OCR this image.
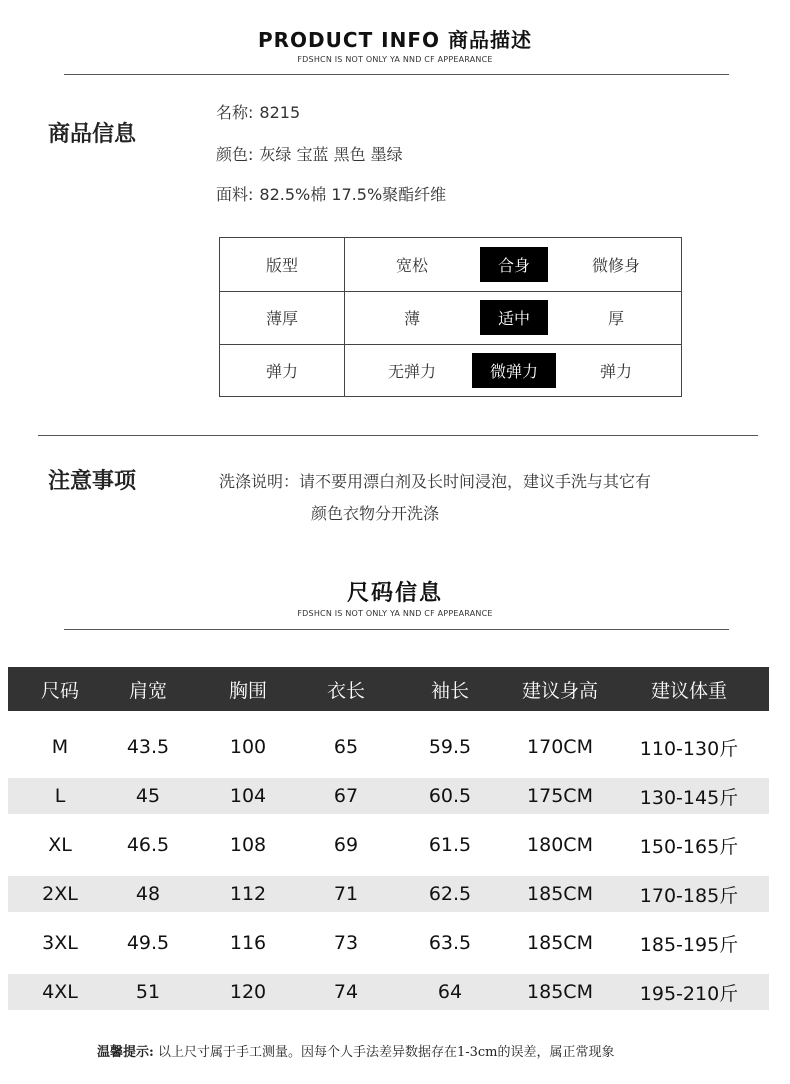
PRODUCT INFO 商品描述
FDSHCN IS NOT ONLY YA NND CF APPEARANCE
商品信息
名称: 8215
颜色: 灰绿 宝蓝 黑色 墨绿
面料: 82.5%棉 17.5%聚酯纤维
版型	宽松	合身	微修身
薄厚	薄	适中	厚
弹力	无弹力	微弹力	弹力
注意事项	洗涤说明：请不要用漂白剂及长时间浸泡，建议手洗与其它有
颜色衣物分开洗涤
尺码信息
FDSHCN IS NOT ONLY YA NND CF APPEARANCE
尺码	肩宽	胸围	衣长	袖长	建议身高	建议体重
M	43.5	100	65	59.5	170CM	110-130斤
L	45	104	67	60.5	175CM	130-145斤
XL	46.5	108	69	61.5	180CM	150-165斤
2XL	48	112	71	62.5	185CM	170-185斤
3XL	49.5	116	73	63.5	185CM	185-195斤
4XL	51	120	74	64	185CM	195-210斤
温馨提示: 以上尺寸属于手工测量。因每个人手法差异数据存在1-3cm的误差，属正常现象
